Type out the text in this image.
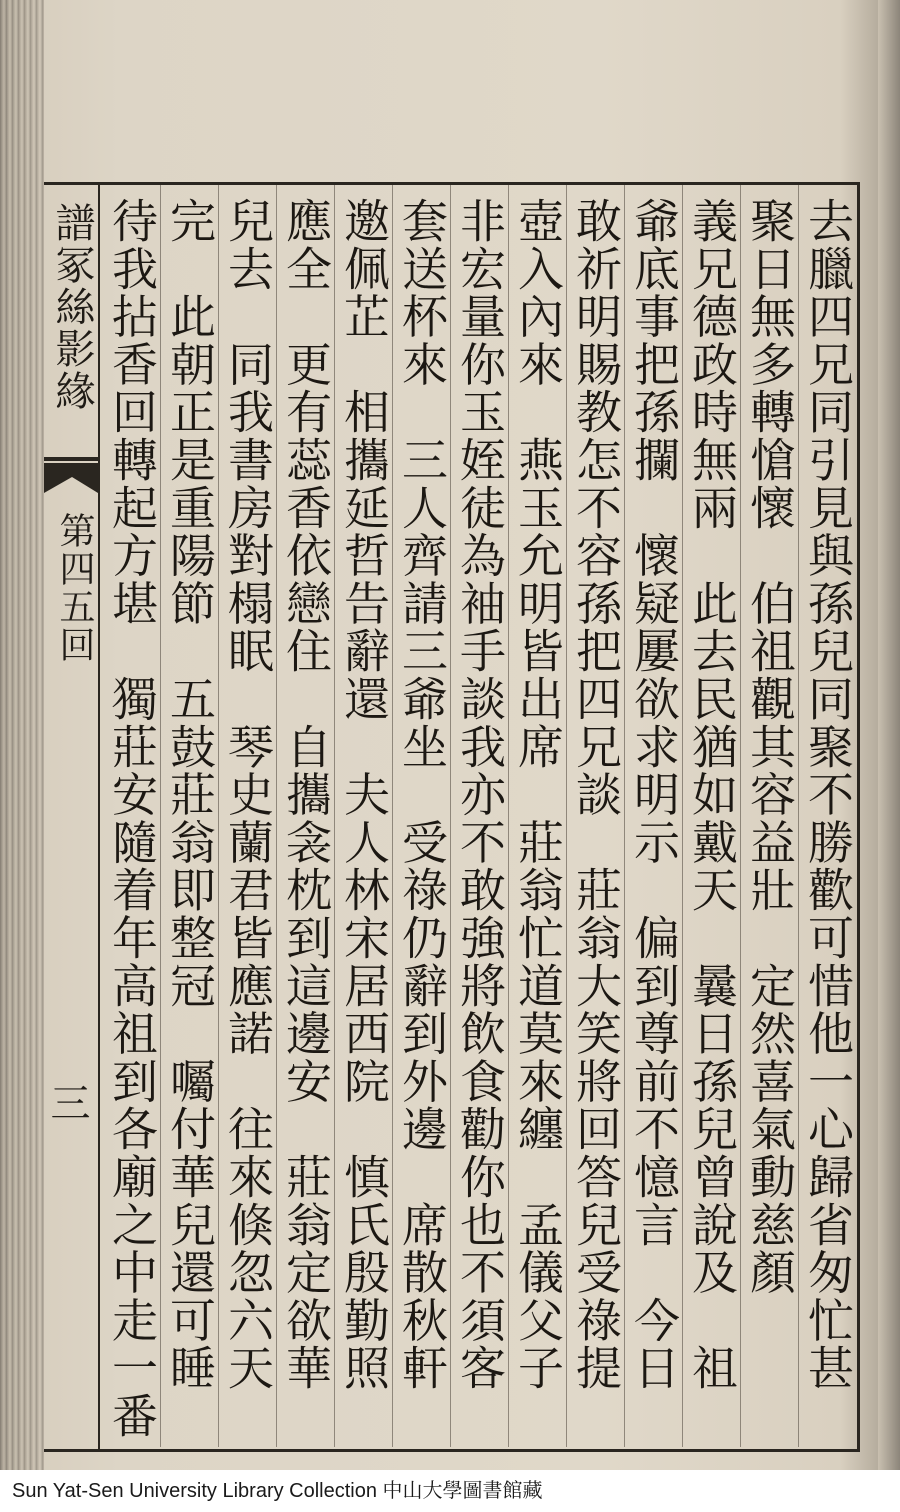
譜冢絲影緣
第四五回
三	去臘四兄同引見與孫兒同聚不勝歡可惜他一心歸省匆忙甚
聚日無多轉愴懷　伯祖觀其容益壯　定然喜氣動慈顏
義兄德政時無兩　此去民猶如戴天　曩日孫兒曾說及　祖
爺底事把孫攔　懷疑屢欲求明示　偏到尊前不憶言　今日
敢祈明賜教怎不容孫把四兄談　莊翁大笑將回答兒受祿提
壺入內來　燕玉允明皆出席　莊翁忙道莫來纏　孟儀父子
非宏量你玉姪徒為袖手談我亦不敢強將飲食勸你也不須客
套送杯來　三人齊請三爺坐　受祿仍辭到外邊　席散秋軒
邀佩芷　相攜延哲告辭還　夫人林宋居西院　慎氏殷勤照
應全　更有蕊香依戀住　自攜衾枕到這邊安　莊翁定欲華
兒去　同我書房對榻眠　琴史蘭君皆應諾　往來倏忽六天
完　此朝正是重陽節　五鼓莊翁即整冠　囑付華兒還可睡
待我拈香回轉起方堪　獨莊安隨着年高祖到各廟之中走一番
Sun Yat-Sen University Library Collection 中山大學圖書館藏
